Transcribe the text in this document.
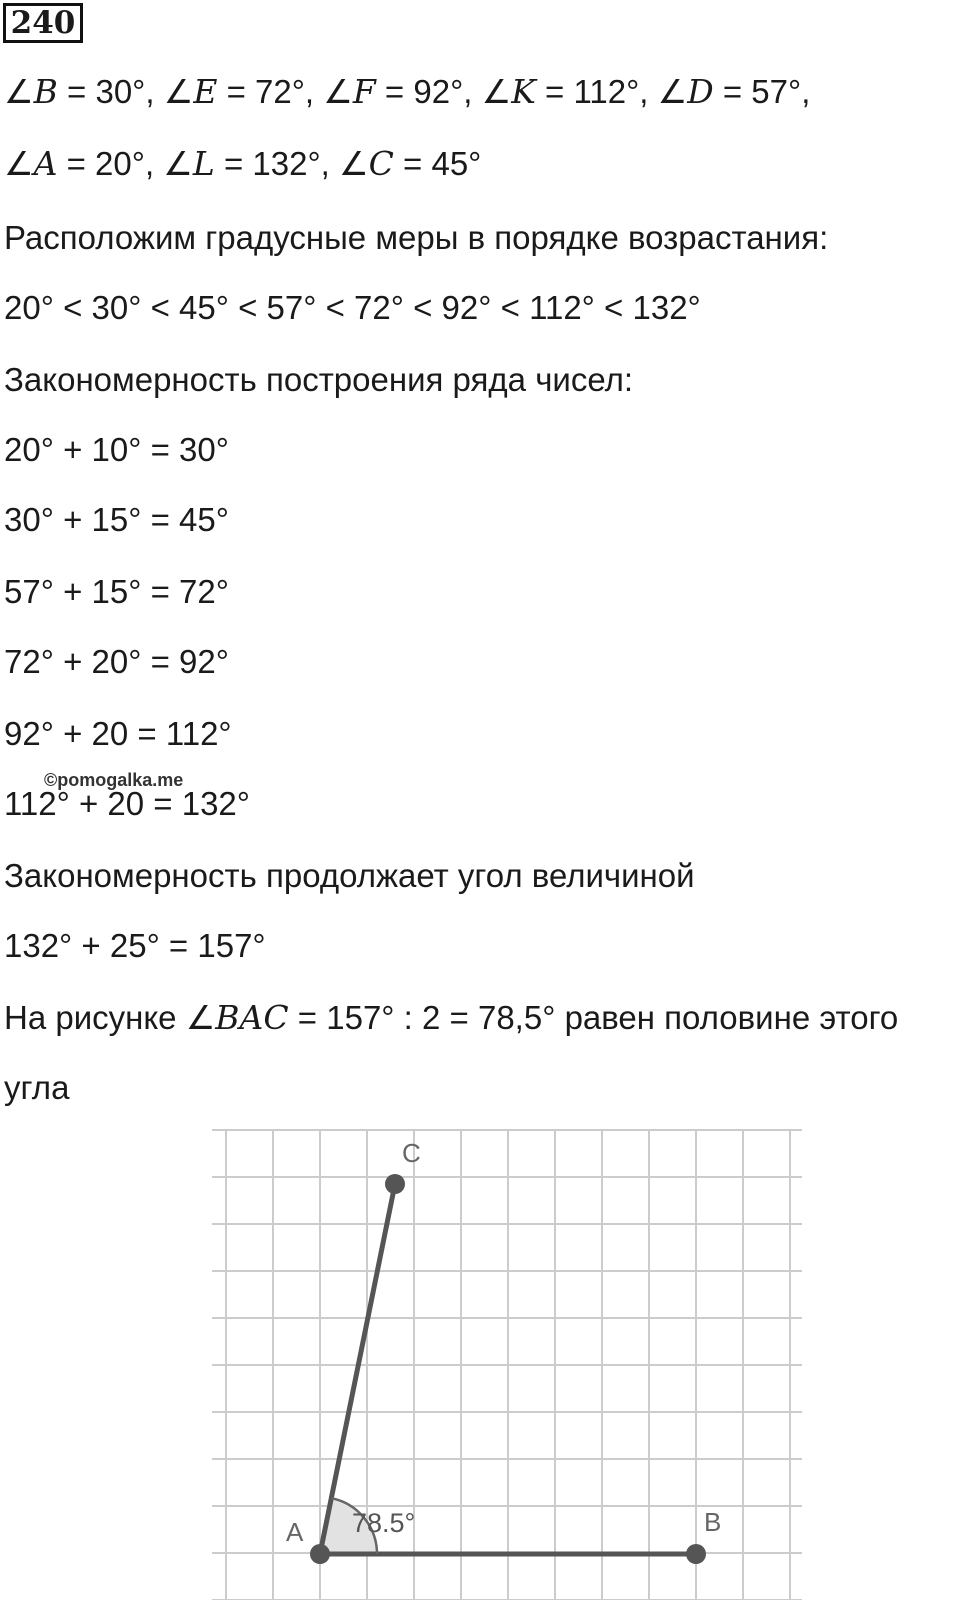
240
∠B = 30°, ∠E = 72°, ∠F = 92°, ∠K = 112°, ∠D = 57°,
∠A = 20°, ∠L = 132°, ∠C = 45°
Расположим градусные меры в порядке возрастания:
20° < 30° < 45° < 57° < 72° < 92° < 112° < 132°
Закономерность построения ряда чисел:
20° + 10° = 30°
30° + 15° = 45°
57° + 15° = 72°
72° + 20° = 92°
92° + 20 = 112°
112° + 20 = 132°
©pomogalka.me
Закономерность продолжает угол величиной
132° + 25° = 157°
На рисунке ∠BAC = 157° : 2 = 78,5° равен половине этого
угла
A	B
C
78.5°
